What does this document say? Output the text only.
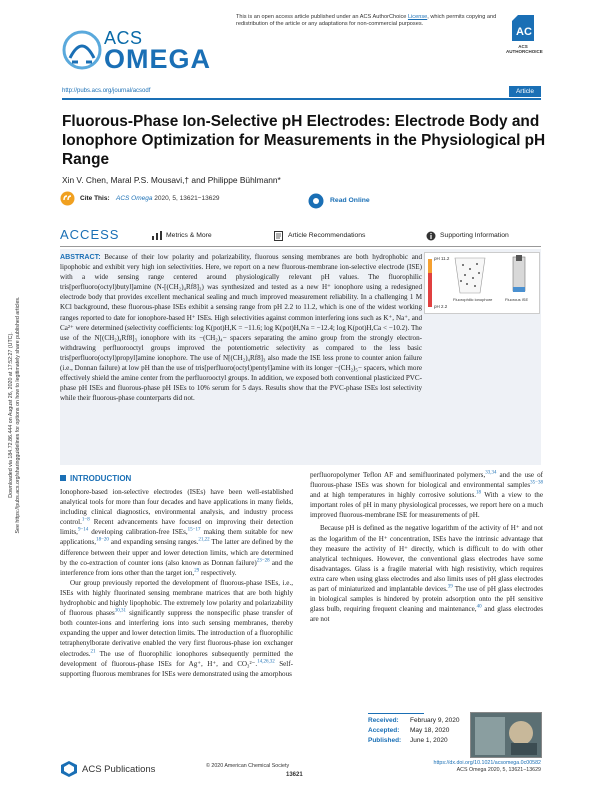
Downloaded via 184.72.86.444 on August 26, 2020 at 17:52:27 (UTC). See https://pubs.acs.org/sharingguidelines for options on how to legitimately share published articles.
This is an open access article published under an ACS AuthorChoice License, which permits copying and redistribution of the article or any adaptations for non-commercial purposes.
AC
ACS AUTHORCHOICE
ACS
OMEGA
http://pubs.acs.org/journal/acsodf	Article
Fluorous-Phase Ion-Selective pH Electrodes: Electrode Body and Ionophore Optimization for Measurements in the Physiological pH Range
Xin V. Chen, Maral P.S. Mousavi,† and Philippe Bühlmann*
Cite This: ACS Omega 2020, 5, 13621−13629	Read Online
ACCESS	Metrics & More	Article Recommendations	Supporting Information
pH 11.2
pH 2.2
Fluorophilic ionophore	Fluorous ISE
ABSTRACT: Because of their low polarity and polarizability, fluorous sensing membranes are both hydrophobic and lipophobic and exhibit very high ion selectivities. Here, we report on a new fluorous-membrane ion-selective electrode (ISE) with a wide sensing range centered around physiologically relevant pH values. The fluorophilic tris[perfluoro(octyl)butyl]amine (N-[(CH₂)₄Rf8]₃) was synthesized and tested as a new H⁺ ionophore using a redesigned electrode body that provides excellent mechanical sealing and much improved measurement reliability. In a challenging 1 M KCl background, these fluorous-phase ISEs exhibit a sensing range from pH 2.2 to 11.2, which is one of the widest working ranges reported to date for ionophore-based H⁺ ISEs. High selectivities against common interfering ions such as K⁺, Na⁺, and Ca²⁺ were determined (selectivity coefficients: log K(pot)H,K = −11.6; log K(pot)H,Na = −12.4; log K(pot)H,Ca < −10.2). The use of the N[(CH₂)₄Rf8]₃ ionophore with its −(CH₂)₄− spacers separating the amino group from the strongly electron-withdrawing perfluorooctyl groups improved the potentiometric selectivity as compared to the less basic tris[perfluoro(octyl)propyl]amine ionophore. The use of N[(CH₂)₄Rf8]₃ also made the ISE less prone to counter anion failure (i.e., Donnan failure) at low pH than the use of tris[perfluoro(octyl)pentyl]amine with its longer −(CH₂)₅− spacers, which more effectively shield the amine center from the perfluorooctyl groups. In addition, we exposed both conventional plasticized PVC-phase pH ISEs and fluorous-phase pH ISEs to 10% serum for 5 days. Results show that the PVC-phase ISEs lost selectivity while their fluorous-phase counterparts did not.
INTRODUCTION

Ionophore-based ion-selective electrodes (ISEs) have been well-established analytical tools for more than four decades and have applications in many fields, including clinical diagnostics, environmental analysis, and industry process control.$^{1-8}$ Recent advancements have focused on improving their detection limits,$^{9-14}$ developing calibration-free ISEs,$^{15-17}$ making them suitable for new applications,$^{18-20}$ and expanding sensing ranges.$^{21,22}$ The latter are defined by the difference between their upper and lower detection limits, which are determined by the co-extraction of counter ions (also known as Donnan failure)$^{23-28}$ and the interference from ions other than the target ion,$^{29}$ respectively.

Our group previously reported the development of fluorous-phase ISEs, i.e., ISEs with highly fluorinated sensing membrane matrices that are both highly hydrophobic and highly lipophobic. The extremely low polarity and polarizability of fluorous phases$^{30,31}$ significantly suppress the nonspecific phase transfer of both counter-ions and interfering ions into such sensing membranes, thereby expanding the upper and lower detection limits. The introduction of a fluorophilic tetraphenylborate derivative enabled the very first fluorous-phase ion exchanger electrodes.$^{21}$ The use of fluorophilic ionophores subsequently permitted the development of fluorous-phase ISEs for Ag⁺, H⁺, and CO₃²⁻.$^{14,26,32}$ Self-supporting fluorous membranes for ISEs were demonstrated using the amorphous

perfluoropolymer Teflon AF and semifluorinated polymers,$^{33,34}$ and the use of fluorous-phase ISEs was shown for biological and environmental samples$^{35-38}$ and at high temperatures in highly corrosive solutions.$^{18}$ With a view to the important roles of pH in many physiological processes, we report here on a much improved fluorous-membrane ISE for measurements of pH.

Because pH is defined as the negative logarithm of the activity of H⁺ and not as the logarithm of the H⁺ concentration, ISEs have the intrinsic advantage that they measure the activity of H⁺ directly, which is difficult to do with other analytical techniques. However, the conventional glass electrodes have some disadvantages. Glass is a fragile material with high resistivity, which requires extra care when using glass electrodes and also limits uses of pH glass electrodes as part of miniaturized and implantable devices.$^{39}$ The use of pH glass electrodes in biological samples is hindered by protein adsorption onto the pH sensitive glass bulb, requiring frequent cleaning and maintenance,$^{40}$ and glass electrodes are not

Received: February 9, 2020
Accepted: May 18, 2020
Published: June 1, 2020
ACS Publications	© 2020 American Chemical Society
13621
https://dx.doi.org/10.1021/acsomega.0c00582
ACS Omega 2020, 5, 13621−13629
